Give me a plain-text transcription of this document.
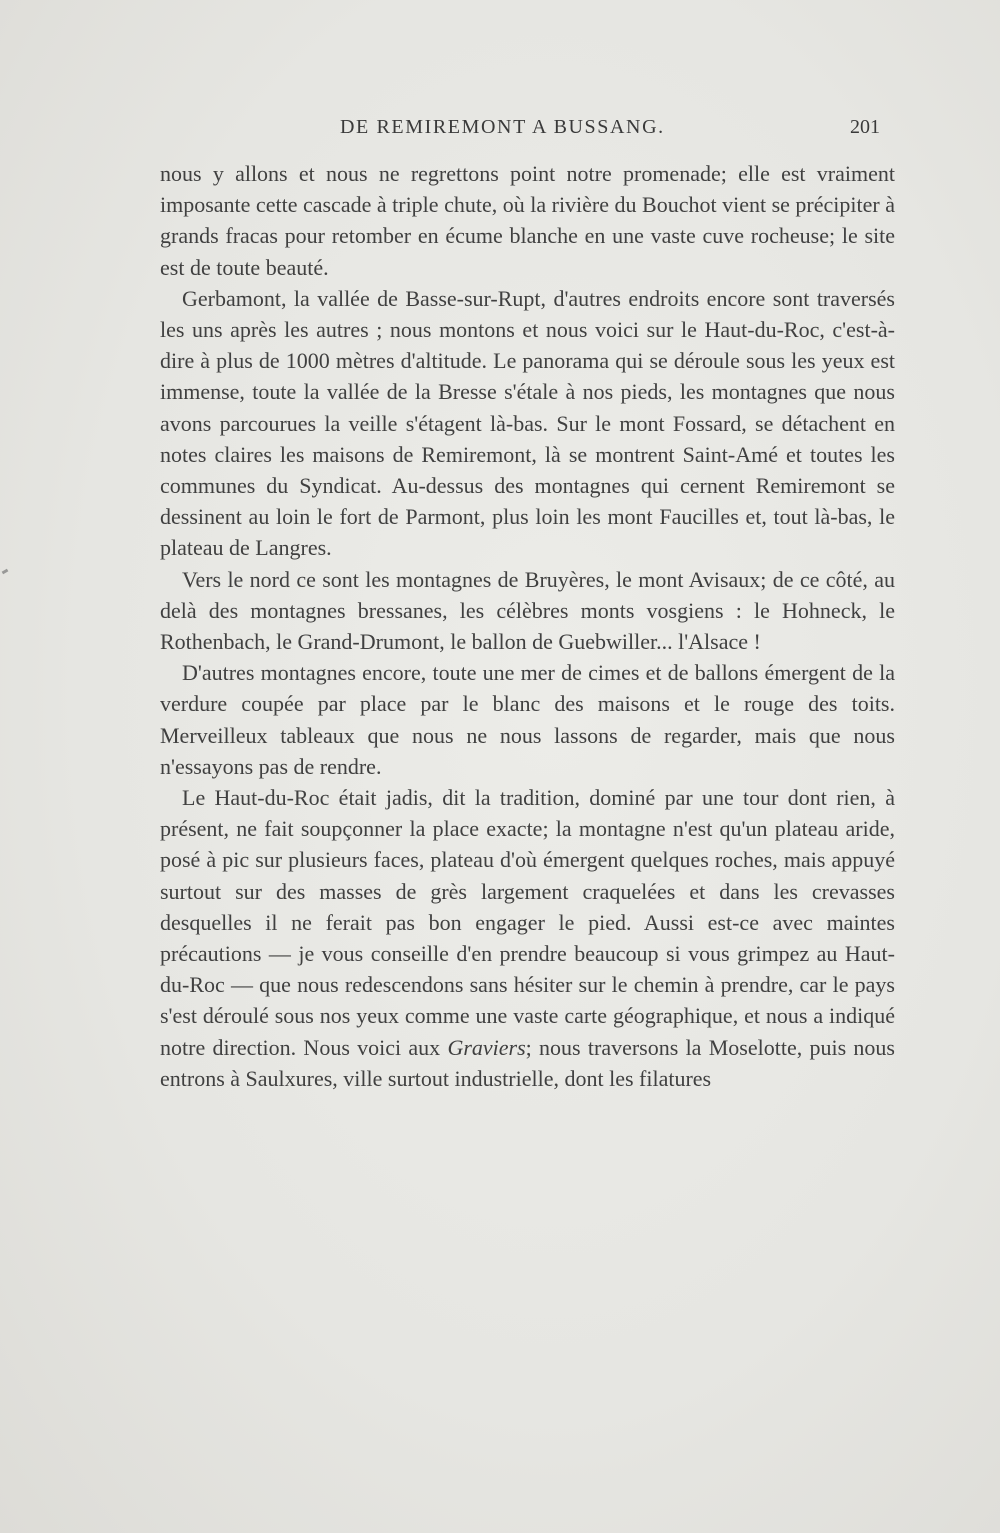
DE REMIREMONT A BUSSANG.	201

nous y allons et nous ne regrettons point notre promenade; elle est vraiment imposante cette cascade à triple chute, où la rivière du Bouchot vient se précipiter à grands fracas pour retomber en écume blanche en une vaste cuve rocheuse; le site est de toute beauté.

Gerbamont, la vallée de Basse-sur-Rupt, d'autres endroits encore sont traversés les uns après les autres ; nous montons et nous voici sur le Haut-du-Roc, c'est-à-dire à plus de 1000 mètres d'altitude. Le panorama qui se déroule sous les yeux est immense, toute la vallée de la Bresse s'étale à nos pieds, les montagnes que nous avons parcourues la veille s'étagent là-bas. Sur le mont Fossard, se détachent en notes claires les maisons de Remiremont, là se montrent Saint-Amé et toutes les communes du Syndicat. Au-dessus des montagnes qui cernent Remiremont se dessinent au loin le fort de Parmont, plus loin les mont Faucilles et, tout là-bas, le plateau de Langres.

Vers le nord ce sont les montagnes de Bruyères, le mont Avisaux; de ce côté, au delà des montagnes bressanes, les célèbres monts vosgiens : le Hohneck, le Rothenbach, le Grand-Drumont, le ballon de Guebwiller... l'Alsace !

D'autres montagnes encore, toute une mer de cimes et de ballons émergent de la verdure coupée par place par le blanc des maisons et le rouge des toits. Merveilleux tableaux que nous ne nous lassons de regarder, mais que nous n'essayons pas de rendre.

Le Haut-du-Roc était jadis, dit la tradition, dominé par une tour dont rien, à présent, ne fait soupçonner la place exacte; la montagne n'est qu'un plateau aride, posé à pic sur plusieurs faces, plateau d'où émergent quelques roches, mais appuyé surtout sur des masses de grès largement craquelées et dans les crevasses desquelles il ne ferait pas bon engager le pied. Aussi est-ce avec maintes précautions — je vous conseille d'en prendre beaucoup si vous grimpez au Haut-du-Roc — que nous redescendons sans hésiter sur le chemin à prendre, car le pays s'est déroulé sous nos yeux comme une vaste carte géographique, et nous a indiqué notre direction. Nous voici aux Graviers; nous traversons la Moselotte, puis nous entrons à Saulxures, ville surtout industrielle, dont les filatures
